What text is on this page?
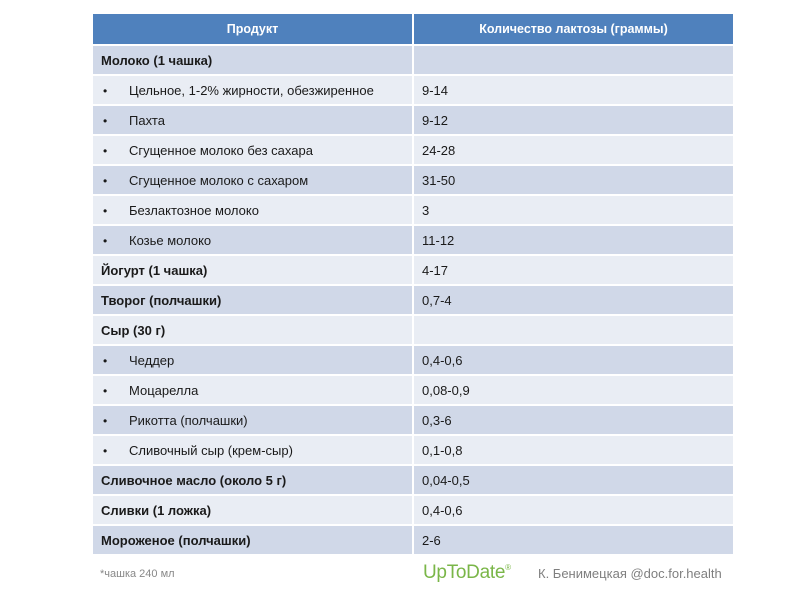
Продукт	Количество лактозы (граммы)
Молоко (1 чашка)	
• Цельное, 1-2% жирности, обезжиренное	9-14
• Пахта	9-12
• Сгущенное молоко без сахара	24-28
• Сгущенное молоко с сахаром	31-50
• Безлактозное молоко	3
• Козье молоко	11-12
Йогурт (1 чашка)	4-17
Творог (полчашки)	0,7-4
Сыр (30 г)	
• Чеддер	0,4-0,6
• Моцарелла	0,08-0,9
• Рикотта (полчашки)	0,3-6
• Сливочный сыр (крем-сыр)	0,1-0,8
Сливочное масло (около 5 г)	0,04-0,5
Сливки (1 ложка)	0,4-0,6
Мороженое (полчашки)	2-6
*чашка 240 мл	UpToDate® К. Бенимецкая @doc.for.health
